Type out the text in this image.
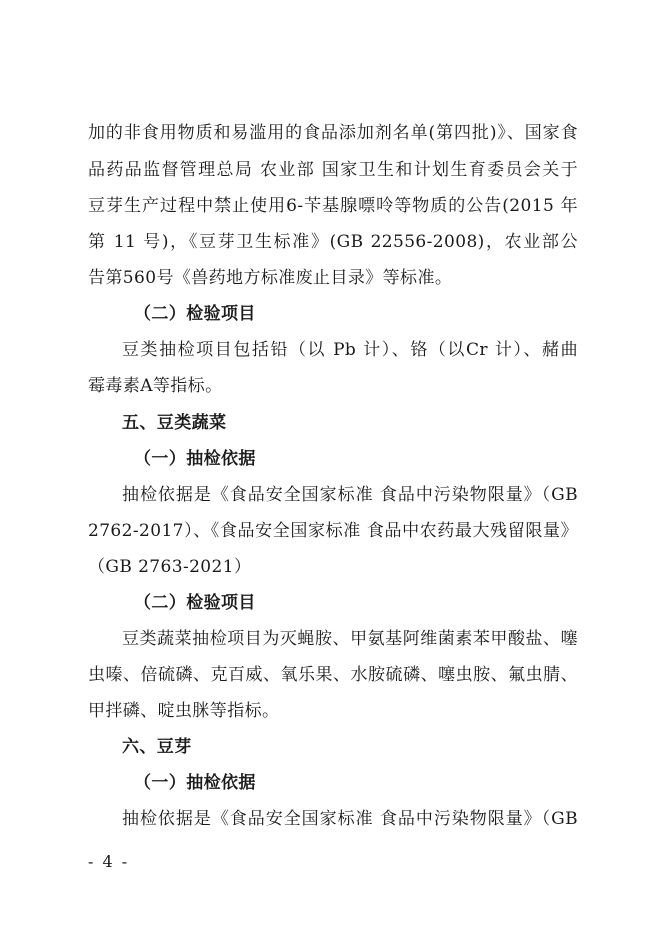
加的非食用物质和易滥用的食品添加剂名单(第四批)》、国家食
品药品监督管理总局 农业部 国家卫生和计划生育委员会关于
豆芽生产过程中禁止使用6-苄基腺嘌呤等物质的公告(2015 年
第 11 号)，《豆芽卫生标准》(GB 22556-2008)，农业部公
告第560号《兽药地方标准废止目录》等标准。
（二）检验项目
豆类抽检项目包括铅（以 Pb 计）、铬（以Cr 计）、赭曲
霉毒素A等指标。
五、豆类蔬菜
（一）抽检依据
抽检依据是《食品安全国家标准 食品中污染物限量》（GB
2762-2017）、《食品安全国家标准 食品中农药最大残留限量》
（GB 2763-2021）
（二）检验项目
豆类蔬菜抽检项目为灭蝇胺、甲氨基阿维菌素苯甲酸盐、噻
虫嗪、倍硫磷、克百威、氧乐果、水胺硫磷、噻虫胺、氟虫腈、
甲拌磷、啶虫脒等指标。
六、豆芽
（一）抽检依据
抽检依据是《食品安全国家标准 食品中污染物限量》（GB
- 4 -
